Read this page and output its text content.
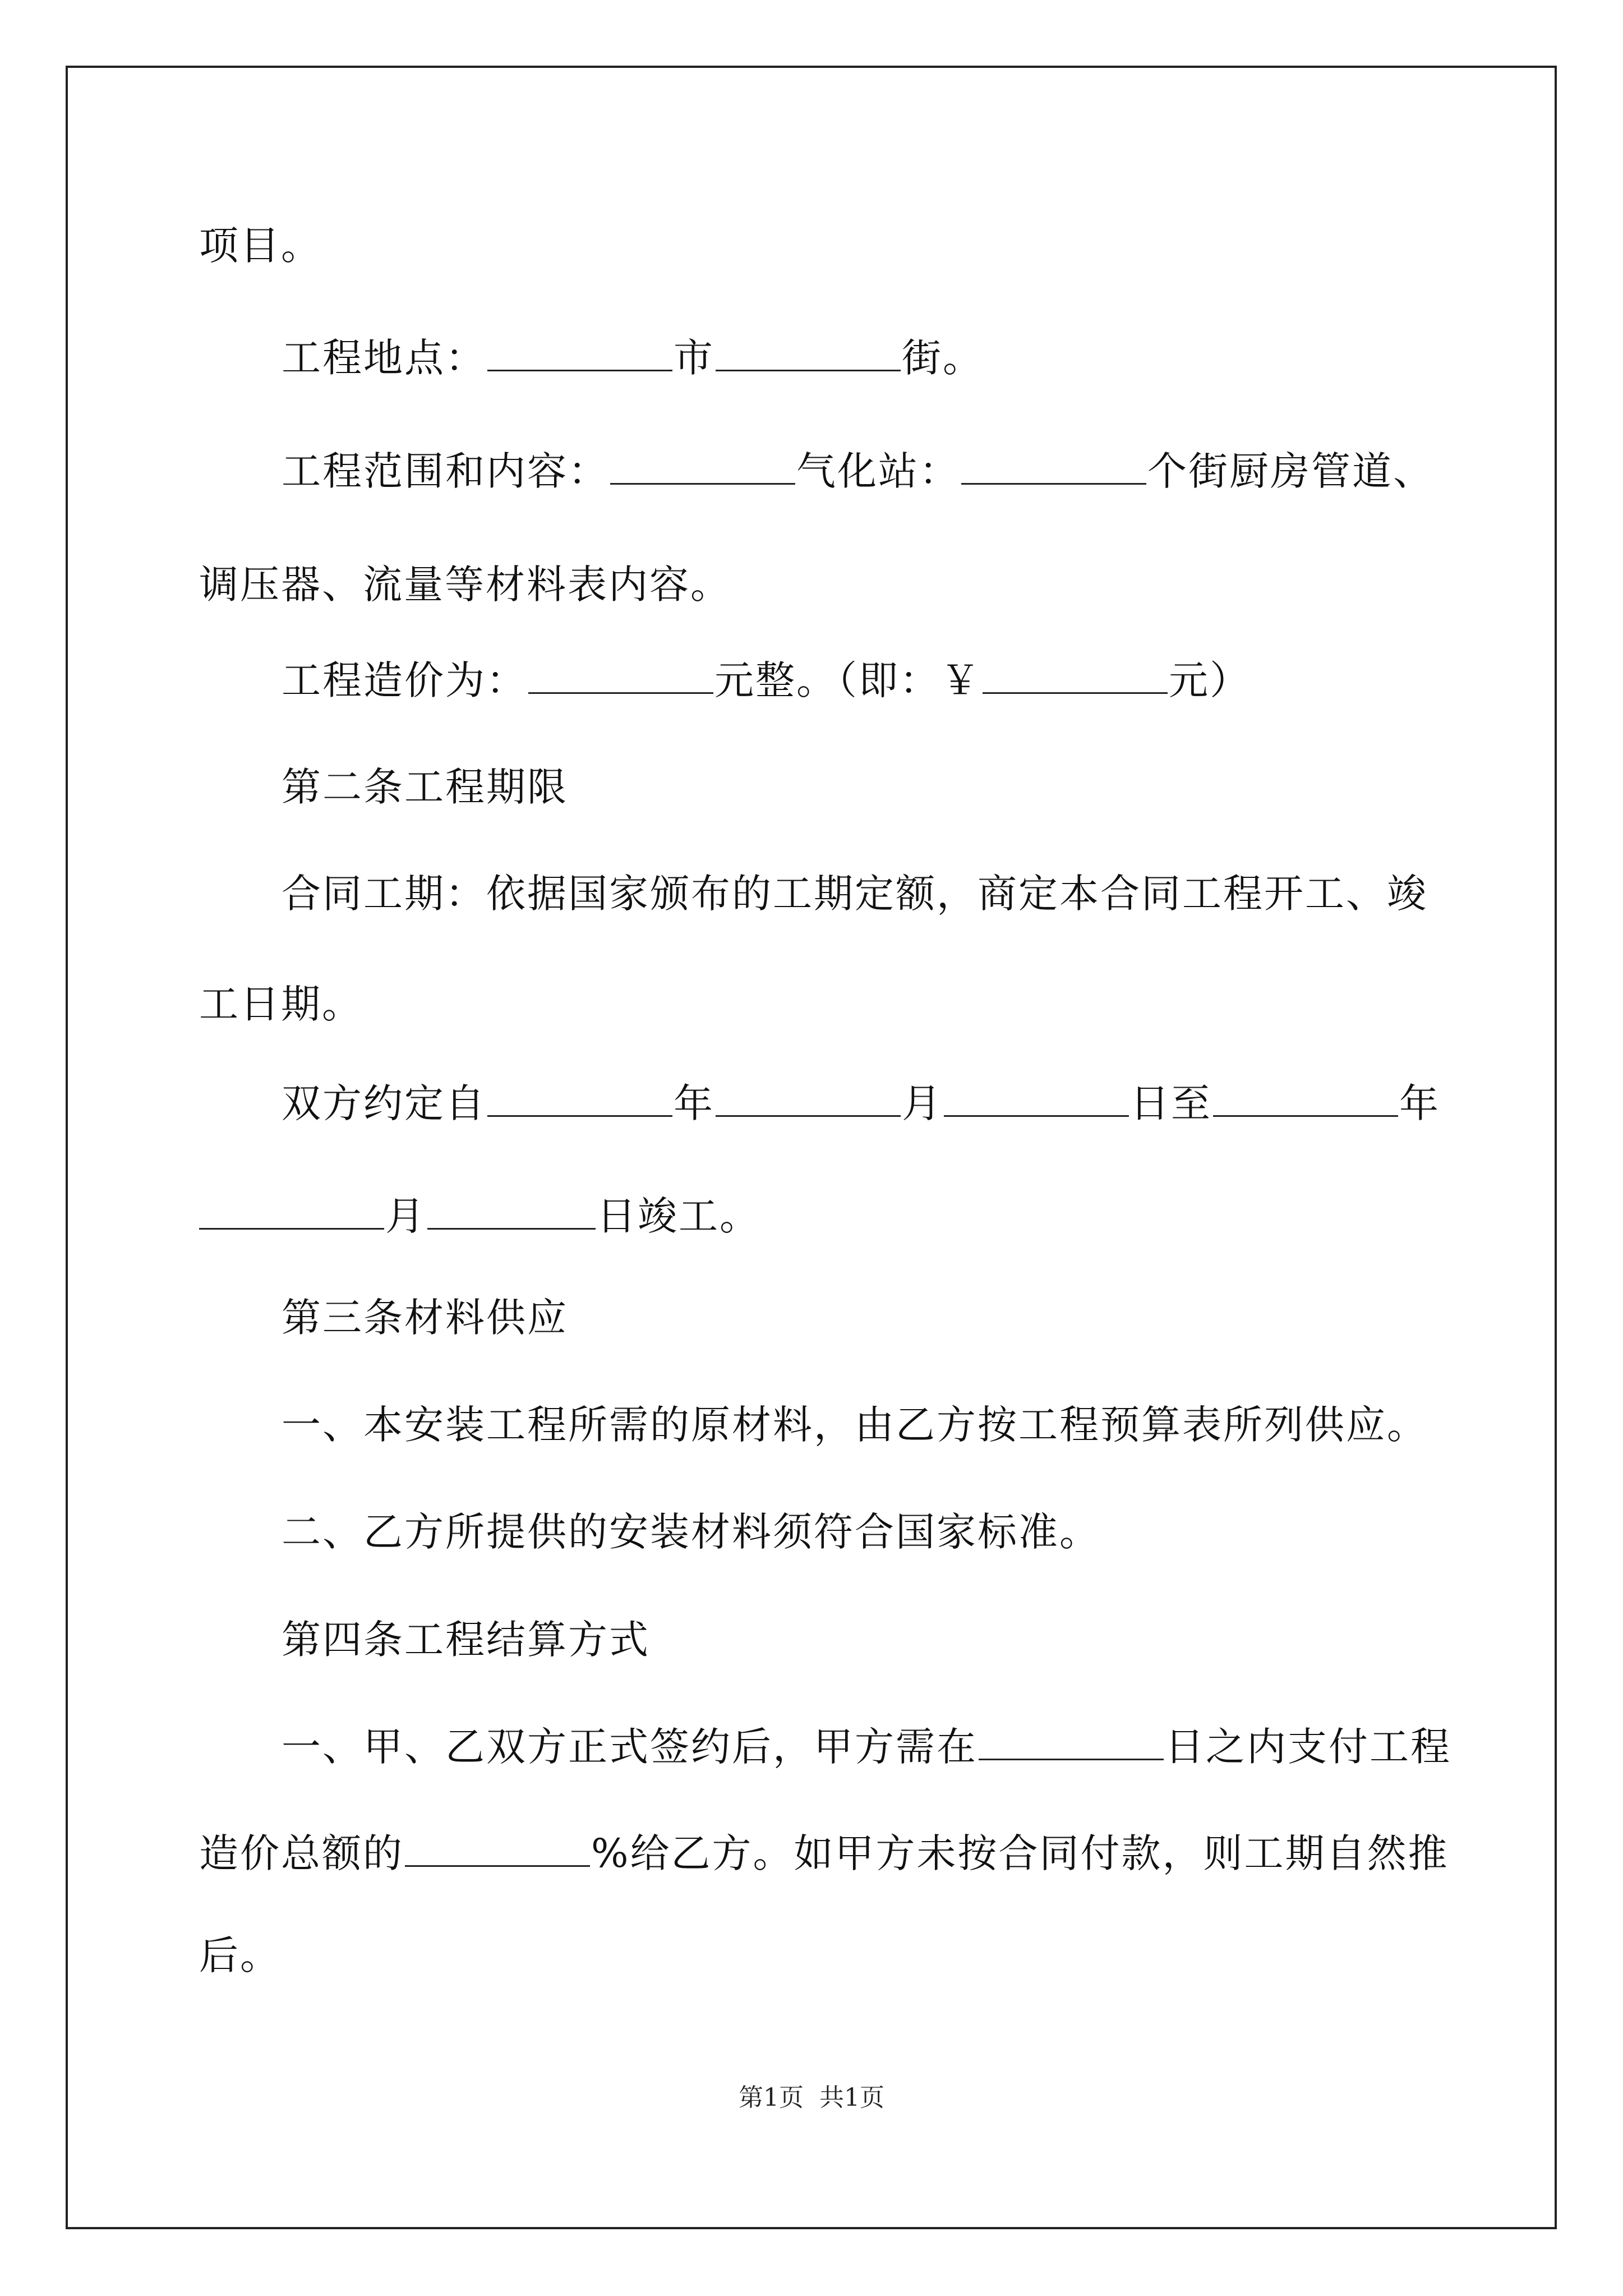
项目。
工程地点：	市	街。
工程范围和内容：	气化站：	个街厨房管道、
调压器、流量等材料表内容。
工程造价为：	元整。（即：￥	元）
第二条工程期限
合同工期：依据国家颁布的工期定额，商定本合同工程开工、竣
工日期。
双方约定自	年	月	日至	年
月	日竣工。
第三条材料供应
一、本安装工程所需的原材料，由乙方按工程预算表所列供应。
二、乙方所提供的安装材料须符合国家标准。
第四条工程结算方式
一、甲、乙双方正式签约后，甲方需在	日之内支付工程
造价总额的	%给乙方。如甲方未按合同付款，则工期自然推
后。
第1页 共1页
